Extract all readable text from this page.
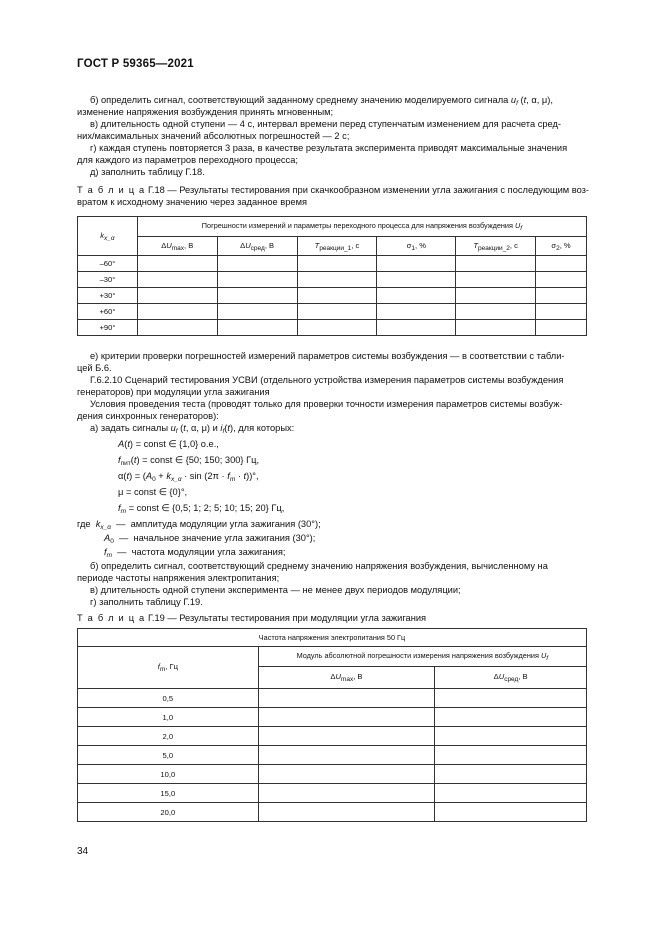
ГОСТ Р 59365—2021
б) определить сигнал, соответствующий заданному среднему значению моделируемого сигнала $u_f$ (t, α, μ),
изменение напряжения возбуждения принять мгновенным;
в) длительность одной ступени — 4 с, интервал времени перед ступенчатым изменением для расчета сред-
них/максимальных значений абсолютных погрешностей — 2 с;
г) каждая ступень повторяется 3 раза, в качестве результата эксперимента приводят максимальные значения
для каждого из параметров переходного процесса;
д) заполнить таблицу Г.18.
Т а б л и ц а Г.18 — Результаты тестирования при скачкообразном изменении угла зажигания с последующим воз-
вратом к исходному значению через заданное время
kx_α	Погрешности измерений и параметры переходного процесса для напряжения возбуждения Uf					
	ΔUmax, В	ΔUсред, В	Tреакции_1, с	σ1, %	Tреакции_2, с	σ2, %
–60°						
–30°						
+30°						
+60°						
+90°						
е) критерии проверки погрешностей измерений параметров системы возбуждения — в соответствии с табли-
цей Б.6.
Г.6.2.10 Сценарий тестирования УСВИ (отдельного устройства измерения параметров системы возбуждения
генераторов) при модуляции угла зажигания
Условия проведения теста (проводят только для проверки точности измерения параметров системы возбуж-
дения синхронных генераторов):
а) задать сигналы $u_f$ (t, α, μ) и $i_f(t)$, для которых:
A(t) = const ∈ {1,0} о.е.,
$f_{пит}(t)$ = const ∈ {50; 150; 300} Гц,
$\alpha(t) = (A_0 + k_{x\_\alpha} \cdot \sin (2\pi \cdot f_m \cdot t))^\circ$,
μ = const ∈ {0}°,
$f_m$ = const ∈ {0,5; 1; 2; 5; 10; 15; 20} Гц,
где  $k_{x\_\alpha}$  —  амплитуда модуляции угла зажигания (30°);
$A_0$  —  начальное значение угла зажигания (30°);
$f_m$  —  частота модуляции угла зажигания;
б) определить сигнал, соответствующий среднему значению напряжения возбуждения, вычисленному на
периоде частоты напряжения электропитания;
в) длительность одной ступени эксперимента — не менее двух периодов модуляции;
г) заполнить таблицу Г.19.
Т а б л и ц а Г.19 — Результаты тестирования при модуляции угла зажигания
Частота напряжения электропитания 50 Гц		
fm, Гц	Модуль абсолютной погрешности измерения напряжения возбуждения Uf	
	ΔUmax, В	ΔUсред, В
0,5		
1,0		
2,0		
5,0		
10,0		
15,0		
20,0		
34
